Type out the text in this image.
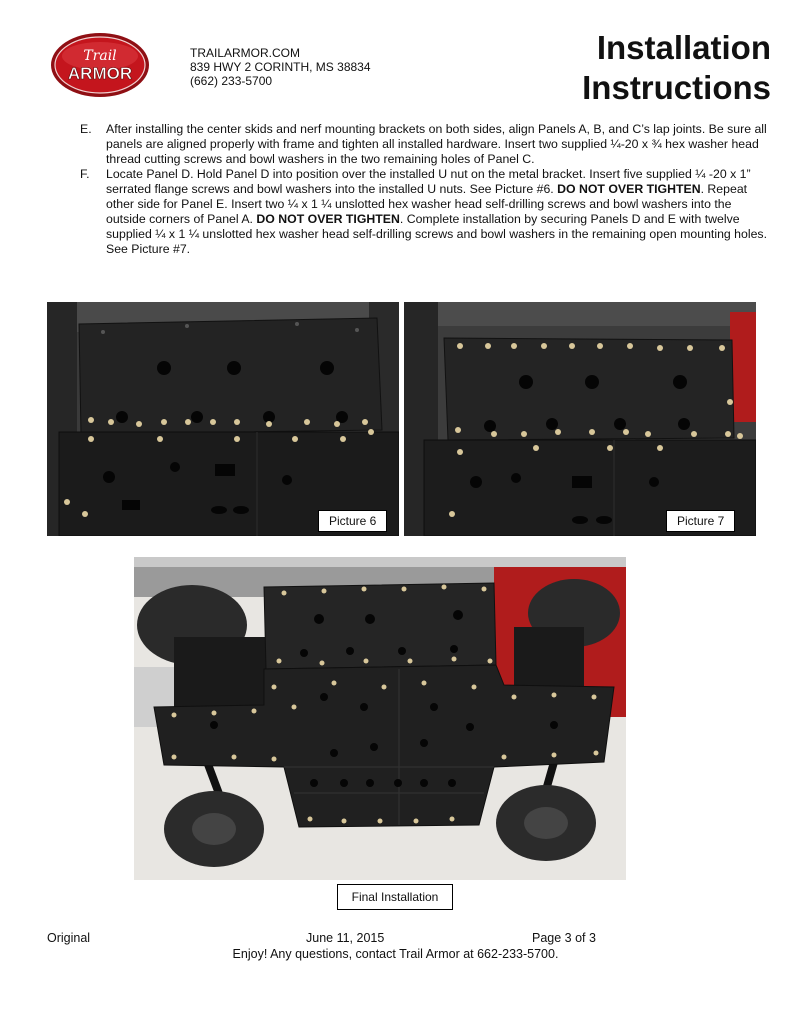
Trail
ARMOR
TRAILARMOR.COM
839 HWY 2 CORINTH, MS 38834
(662) 233-5700
Installation
Instructions
E. After installing the center skids and nerf mounting brackets on both sides, align Panels A, B, and C’s lap joints. Be sure all panels are aligned properly with frame and tighten all installed hardware. Insert two supplied ¼-20 x ¾ hex washer head thread cutting screws and bowl washers in the two remaining holes of Panel C.
F. Locate Panel D. Hold Panel D into position over the installed U nut on the metal bracket. Insert five supplied ¼ -20 x 1” serrated flange screws and bowl washers into the installed U nuts. See Picture #6. DO NOT OVER TIGHTEN. Repeat other side for Panel E. Insert two ¼ x 1 ¼ unslotted hex washer head self-drilling screws and bowl washers into the outside corners of Panel A. DO NOT OVER TIGHTEN. Complete installation by securing Panels D and E with twelve supplied ¼ x 1 ¼ unslotted hex washer head self-drilling screws and bowl washers in the remaining open mounting holes. See Picture #7.
Picture 6	Picture 7
Final Installation
Original	June 11, 2015	Page 3 of 3
Enjoy! Any questions, contact Trail Armor at 662-233-5700.
